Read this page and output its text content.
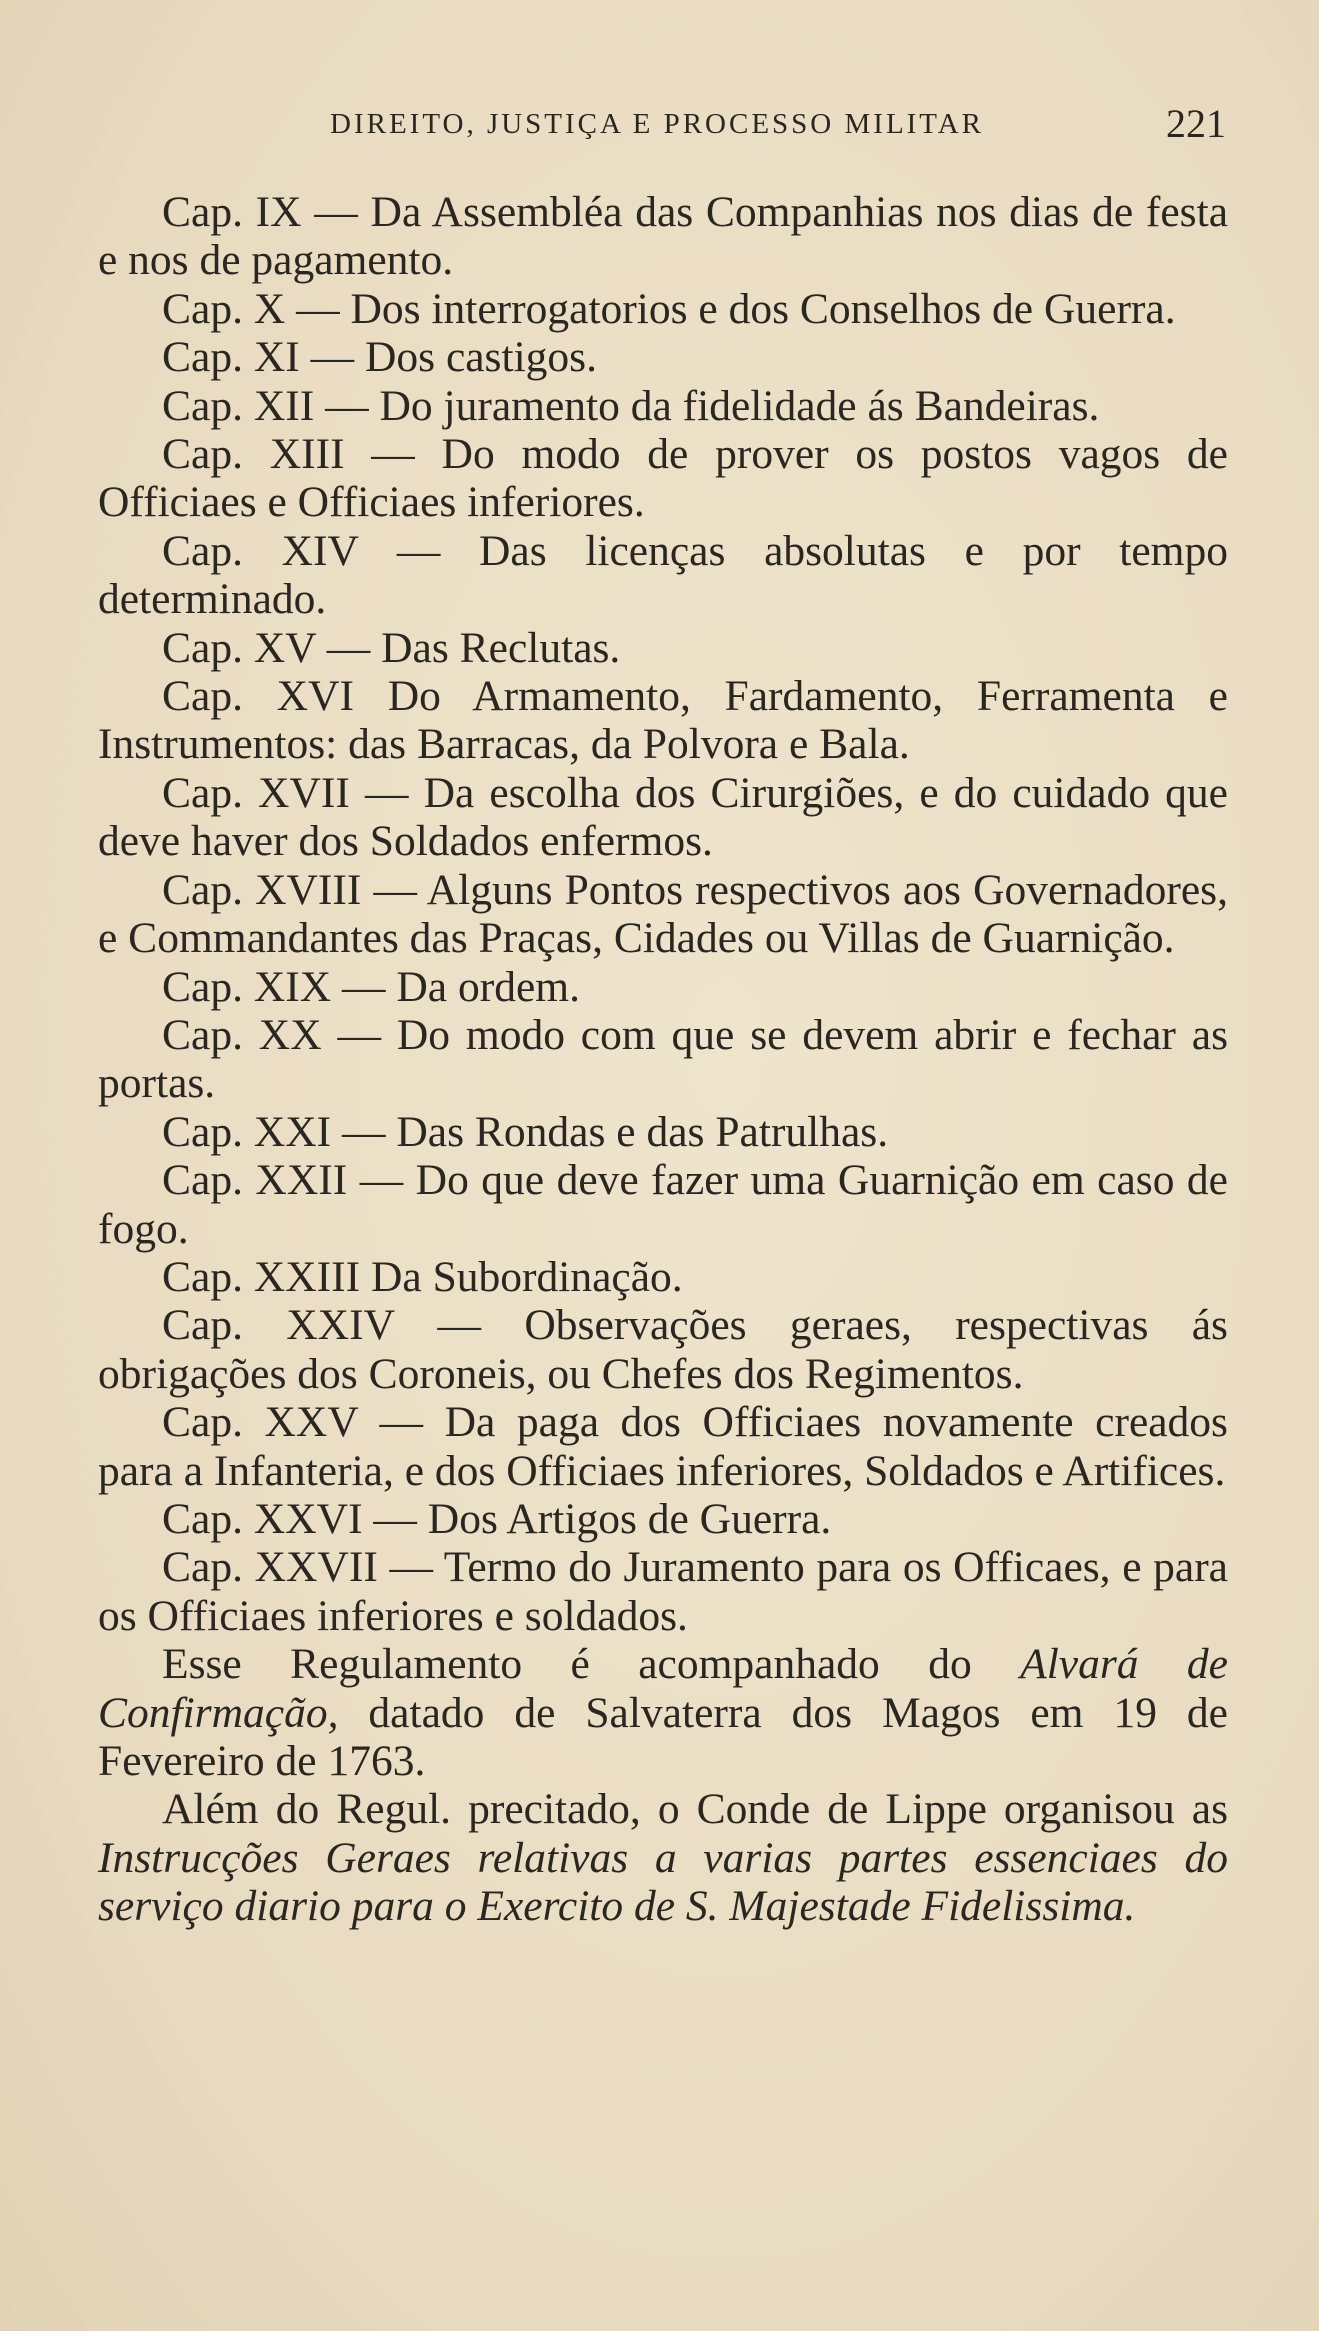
DIREITO, JUSTIÇA E PROCESSO MILITAR	221

Cap. IX — Da Assembléa das Companhias nos dias de festa e nos de pagamento.

Cap. X — Dos interrogatorios e dos Conselhos de Guerra.

Cap. XI — Dos castigos.

Cap. XII — Do juramento da fidelidade ás Bandeiras.

Cap. XIII — Do modo de prover os postos vagos de Officiaes e Officiaes inferiores.

Cap. XIV — Das licenças absolutas e por tempo determinado.

Cap. XV — Das Reclutas.

Cap. XVI Do Armamento, Fardamento, Ferramenta e Instrumentos: das Barracas, da Polvora e Bala.

Cap. XVII — Da escolha dos Cirurgiões, e do cuidado que deve haver dos Soldados enfermos.

Cap. XVIII — Alguns Pontos respectivos aos Governadores, e Commandantes das Praças, Cidades ou Villas de Guarnição.

Cap. XIX — Da ordem.

Cap. XX — Do modo com que se devem abrir e fechar as portas.

Cap. XXI — Das Rondas e das Patrulhas.

Cap. XXII — Do que deve fazer uma Guarnição em caso de fogo.

Cap. XXIII Da Subordinação.

Cap. XXIV — Observações geraes, respectivas ás obrigações dos Coroneis, ou Chefes dos Regimentos.

Cap. XXV — Da paga dos Officiaes novamente creados para a Infanteria, e dos Officiaes inferiores, Soldados e Artifices.

Cap. XXVI — Dos Artigos de Guerra.

Cap. XXVII — Termo do Juramento para os Officaes, e para os Officiaes inferiores e soldados.

Esse Regulamento é acompanhado do Alvará de Confirmação, datado de Salvaterra dos Magos em 19 de Fevereiro de 1763.

Além do Regul. precitado, o Conde de Lippe organisou as Instrucções Geraes relativas a varias partes essenciaes do serviço diario para o Exercito de S. Majestade Fidelissima.
